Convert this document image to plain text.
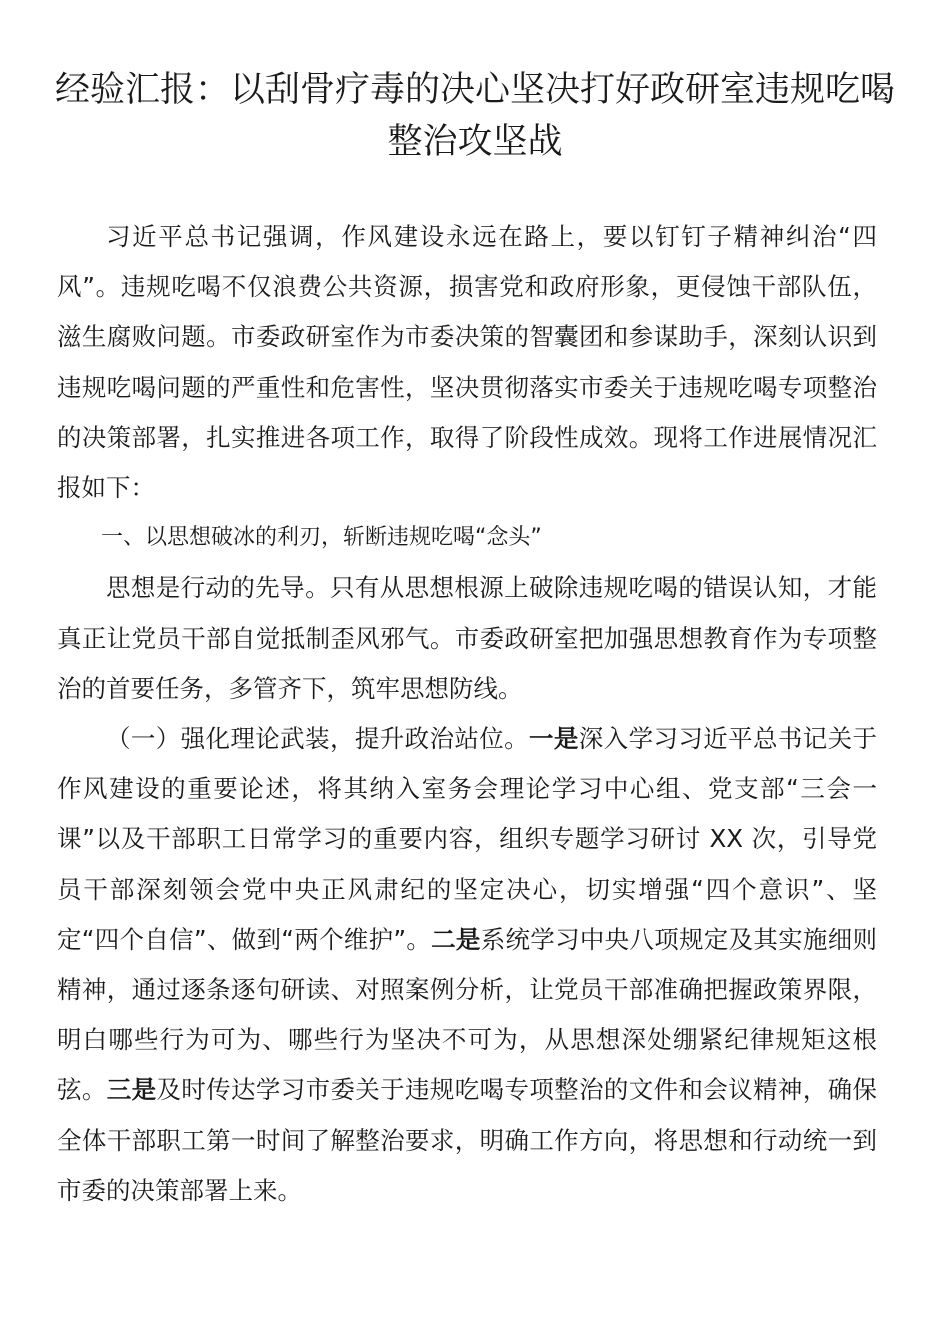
经验汇报：以刮骨疗毒的决心坚决打好政研室违规吃喝整治攻坚战

习近平总书记强调，作风建设永远在路上，要以钉钉子精神纠治“四风”。违规吃喝不仅浪费公共资源，损害党和政府形象，更侵蚀干部队伍，滋生腐败问题。市委政研室作为市委决策的智囊团和参谋助手，深刻认识到违规吃喝问题的严重性和危害性，坚决贯彻落实市委关于违规吃喝专项整治的决策部署，扎实推进各项工作，取得了阶段性成效。现将工作进展情况汇报如下：

一、以思想破冰的利刃，斩断违规吃喝“念头”

思想是行动的先导。只有从思想根源上破除违规吃喝的错误认知，才能真正让党员干部自觉抵制歪风邪气。市委政研室把加强思想教育作为专项整治的首要任务，多管齐下，筑牢思想防线。

（一）强化理论武装，提升政治站位。一是深入学习习近平总书记关于作风建设的重要论述，将其纳入室务会理论学习中心组、党支部“三会一课”以及干部职工日常学习的重要内容，组织专题学习研讨 XX 次，引导党员干部深刻领会党中央正风肃纪的坚定决心，切实增强“四个意识”、坚定“四个自信”、做到“两个维护”。二是系统学习中央八项规定及其实施细则精神，通过逐条逐句研读、对照案例分析，让党员干部准确把握政策界限，明白哪些行为可为、哪些行为坚决不可为，从思想深处绷紧纪律规矩这根弦。三是及时传达学习市委关于违规吃喝专项整治的文件和会议精神，确保全体干部职工第一时间了解整治要求，明确工作方向，将思想和行动统一到市委的决策部署上来。
